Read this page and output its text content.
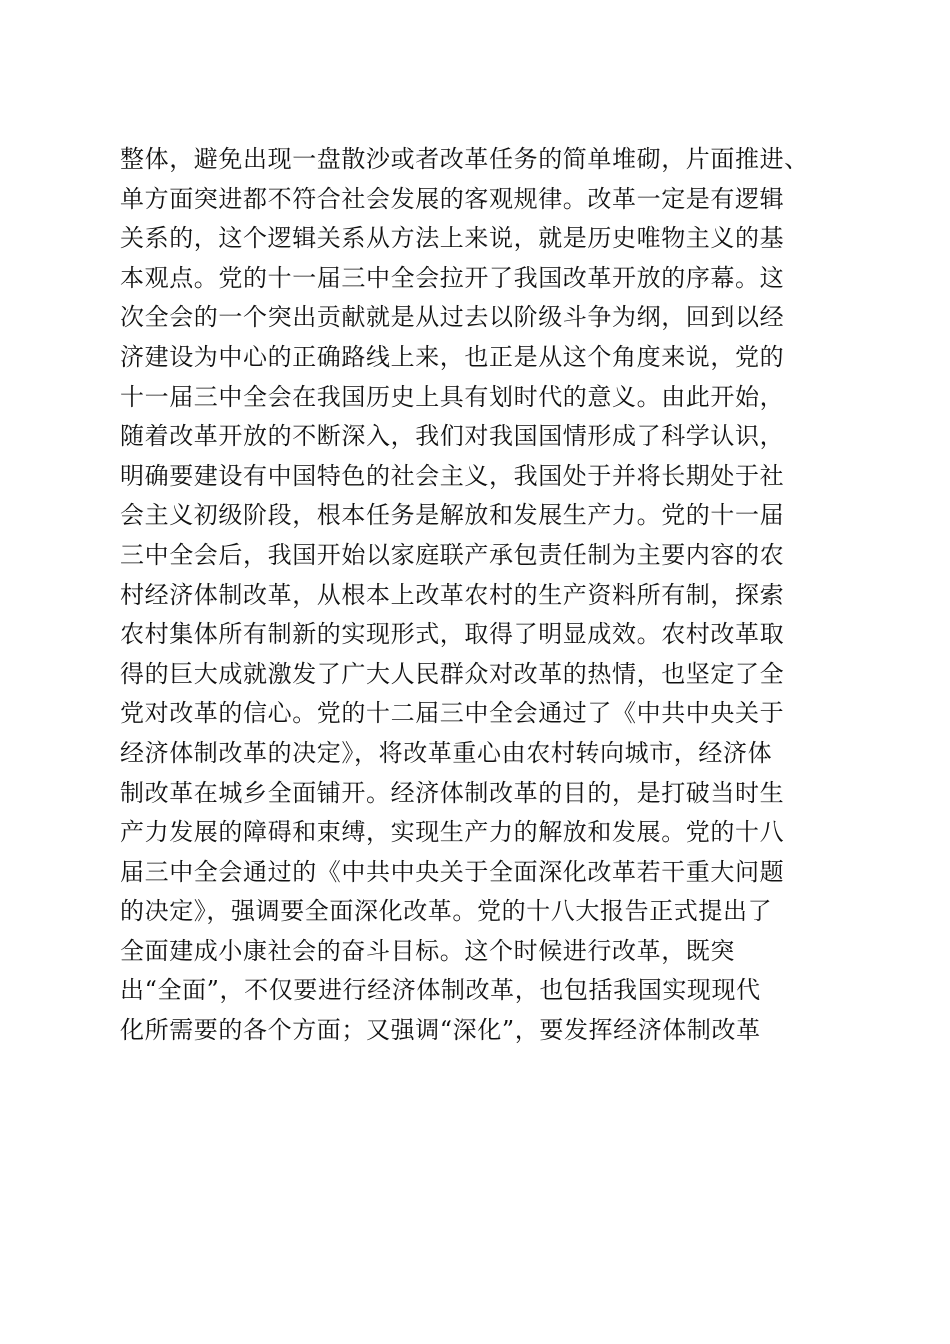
整体，避免出现一盘散沙或者改革任务的简单堆砌，片面推进、
单方面突进都不符合社会发展的客观规律。改革一定是有逻辑
关系的，这个逻辑关系从方法上来说，就是历史唯物主义的基
本观点。党的十一届三中全会拉开了我国改革开放的序幕。这
次全会的一个突出贡献就是从过去以阶级斗争为纲，回到以经
济建设为中心的正确路线上来，也正是从这个角度来说，党的
十一届三中全会在我国历史上具有划时代的意义。由此开始，
随着改革开放的不断深入，我们对我国国情形成了科学认识，
明确要建设有中国特色的社会主义，我国处于并将长期处于社
会主义初级阶段，根本任务是解放和发展生产力。党的十一届
三中全会后，我国开始以家庭联产承包责任制为主要内容的农
村经济体制改革，从根本上改革农村的生产资料所有制，探索
农村集体所有制新的实现形式，取得了明显成效。农村改革取
得的巨大成就激发了广大人民群众对改革的热情，也坚定了全
党对改革的信心。党的十二届三中全会通过了《中共中央关于
经济体制改革的决定》，将改革重心由农村转向城市，经济体
制改革在城乡全面铺开。经济体制改革的目的，是打破当时生
产力发展的障碍和束缚，实现生产力的解放和发展。党的十八
届三中全会通过的《中共中央关于全面深化改革若干重大问题
的决定》，强调要全面深化改革。党的十八大报告正式提出了
全面建成小康社会的奋斗目标。这个时候进行改革，既突
出“全面”，不仅要进行经济体制改革，也包括我国实现现代
化所需要的各个方面；又强调“深化”，要发挥经济体制改革
